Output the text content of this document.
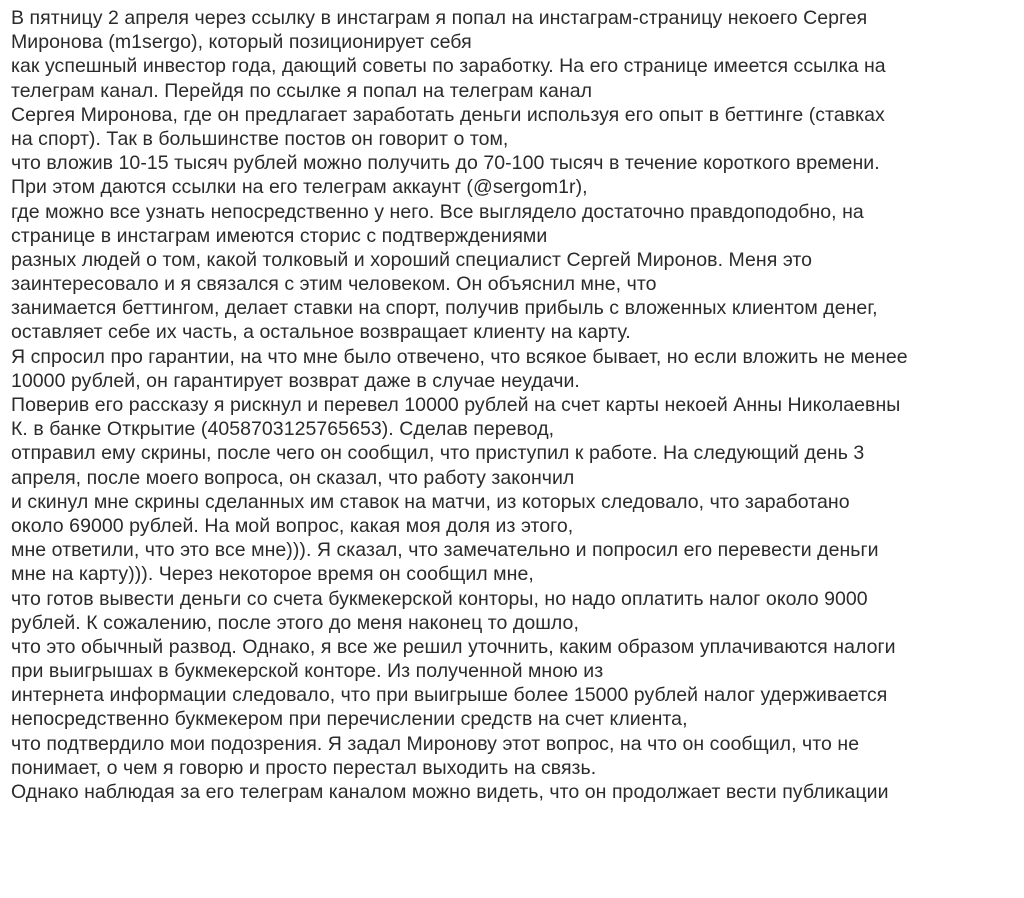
В пятницу 2 апреля через ссылку в инстаграм я попал на инстаграм-страницу некоего Сергея
Миронова (m1sergo), который позиционирует себя
как успешный инвестор года, дающий советы по заработку. На его странице имеется ссылка на
телеграм канал. Перейдя по ссылке я попал на телеграм канал
Сергея Миронова, где он предлагает заработать деньги используя его опыт в беттинге (ставках
на спорт). Так в большинстве постов он говорит о том,
что вложив 10-15 тысяч рублей можно получить до 70-100 тысяч в течение короткого времени.
При этом даются ссылки на его телеграм аккаунт (@sergom1r),
где можно все узнать непосредственно у него. Все выглядело достаточно правдоподобно, на
странице в инстаграм имеются сторис с подтверждениями
разных людей о том, какой толковый и хороший специалист Сергей Миронов. Меня это
заинтересовало и я связался с этим человеком. Он объяснил мне, что
занимается беттингом, делает ставки на спорт, получив прибыль с вложенных клиентом денег,
оставляет себе их часть, а остальное возвращает клиенту на карту.
Я спросил про гарантии, на что мне было отвечено, что всякое бывает, но если вложить не менее
10000 рублей, он гарантирует возврат даже в случае неудачи.
Поверив его рассказу я рискнул и перевел 10000 рублей на счет карты некоей Анны Николаевны
К. в банке Открытие (4058703125765653). Сделав перевод,
отправил ему скрины, после чего он сообщил, что приступил к работе. На следующий день 3
апреля, после моего вопроса, он сказал, что работу закончил
и скинул мне скрины сделанных им ставок на матчи, из которых следовало, что заработано
около 69000 рублей. На мой вопрос, какая моя доля из этого,
мне ответили, что это все мне))). Я сказал, что замечательно и попросил его перевести деньги
мне на карту))). Через некоторое время он сообщил мне,
что готов вывести деньги со счета букмекерской конторы, но надо оплатить налог около 9000
рублей. К сожалению, после этого до меня наконец то дошло,
что это обычный развод. Однако, я все же решил уточнить, каким образом уплачиваются налоги
при выигрышах в букмекерской конторе. Из полученной мною из
интернета информации следовало, что при выигрыше более 15000 рублей налог удерживается
непосредственно букмекером при перечислении средств на счет клиента,
что подтвердило мои подозрения. Я задал Миронову этот вопрос, на что он сообщил, что не
понимает, о чем я говорю и просто перестал выходить на связь.
Однако наблюдая за его телеграм каналом можно видеть, что он продолжает вести публикации
